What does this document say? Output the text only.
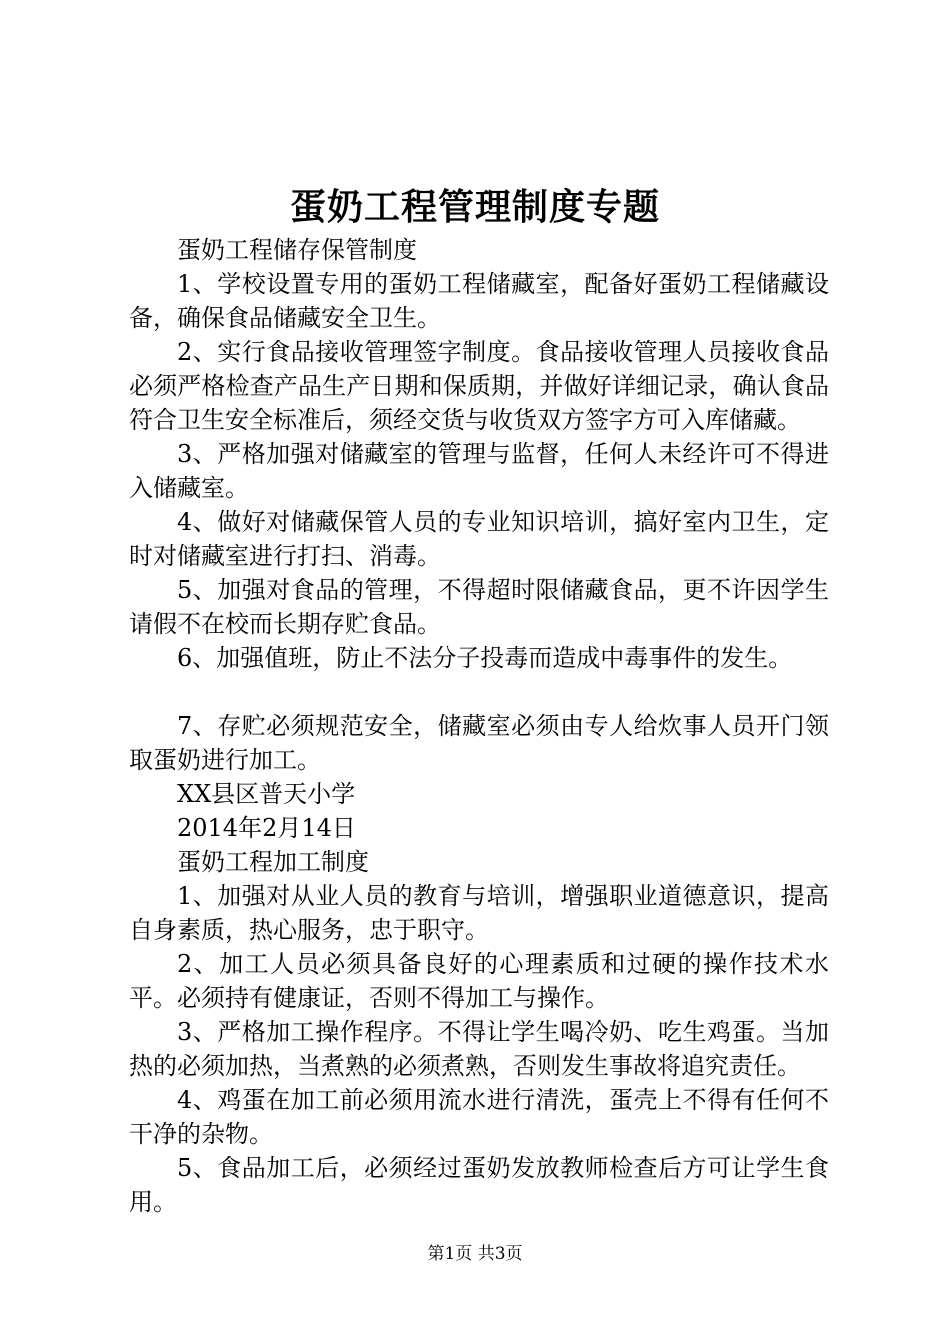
蛋奶工程管理制度专题

蛋奶工程储存保管制度

1、学校设置专用的蛋奶工程储藏室，配备好蛋奶工程储藏设备，确保食品储藏安全卫生。

2、实行食品接收管理签字制度。食品接收管理人员接收食品必须严格检查产品生产日期和保质期，并做好详细记录，确认食品符合卫生安全标准后，须经交货与收货双方签字方可入库储藏。

3、严格加强对储藏室的管理与监督，任何人未经许可不得进入储藏室。

4、做好对储藏保管人员的专业知识培训，搞好室内卫生，定时对储藏室进行打扫、消毒。

5、加强对食品的管理，不得超时限储藏食品，更不许因学生请假不在校而长期存贮食品。

6、加强值班，防止不法分子投毒而造成中毒事件的发生。

7、存贮必须规范安全，储藏室必须由专人给炊事人员开门领取蛋奶进行加工。

XX县区普天小学

2014年2月14日

蛋奶工程加工制度

1、加强对从业人员的教育与培训，增强职业道德意识，提高自身素质，热心服务，忠于职守。

2、加工人员必须具备良好的心理素质和过硬的操作技术水平。必须持有健康证，否则不得加工与操作。

3、严格加工操作程序。不得让学生喝冷奶、吃生鸡蛋。当加热的必须加热，当煮熟的必须煮熟，否则发生事故将追究责任。

4、鸡蛋在加工前必须用流水进行清洗，蛋壳上不得有任何不干净的杂物。

5、食品加工后，必须经过蛋奶发放教师检查后方可让学生食用。

第1页 共3页
